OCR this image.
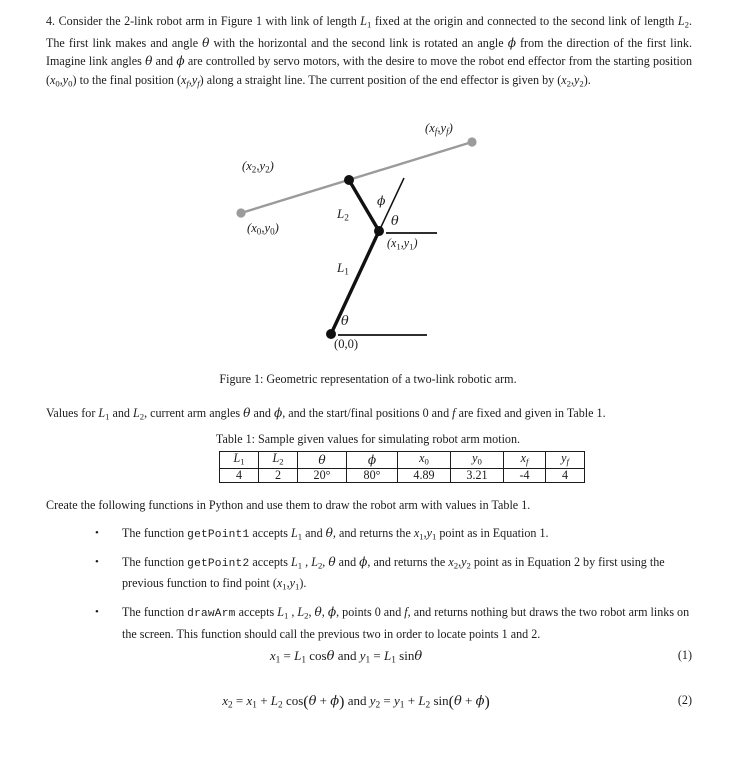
4. Consider the 2-link robot arm in Figure 1 with link of length $L_1$ fixed at the origin and connected to the second link of length $L_2$. The first link makes and angle θ with the horizontal and the second link is rotated an angle ϕ from the direction of the first link. Imagine link angles θ and ϕ are controlled by servo motors, with the desire to move the robot end effector from the starting position $(x_0,y_0)$ to the final position $(x_f,y_f)$ along a straight line. The current position of the end effector is given by $(x_2,y_2)$.
$(x_f,y_f)$
$(x_2,y_2)$
$(x_0,y_0)$
$(x_1,y_1)$
(0,0)
$L_2$
$L_1$
ϕ
θ
θ
Figure 1: Geometric representation of a two-link robotic arm.
Values for $L_1$ and $L_2$, current arm angles θ and ϕ, and the start/final positions 0 and f are fixed and given in Table 1.
Table 1: Sample given values for simulating robot arm motion.
$L_1$	$L_2$	θ	ϕ	$x_0$	$y_0$	$x_f$	$y_f$
4	2	20°	80°	4.89	3.21	-4	4
Create the following functions in Python and use them to draw the robot arm with values in Table 1.
• The function getPoint1 accepts $L_1$ and θ, and returns the $x_1,y_1$ point as in Equation 1.
• The function getPoint2 accepts $L_1$ , $L_2$, θ and ϕ, and returns the $x_2,y_2$ point as in Equation 2 by first using the previous function to find point $(x_1,y_1)$.
• The function drawArm accepts $L_1$ , $L_2$, θ, ϕ, points 0 and f, and returns nothing but draws the two robot arm links on the screen. This function should call the previous two in order to locate points 1 and 2.
$x_1 = L_1$ cosθ and $y_1 = L_1$ sinθ	(1)
$x_2 = x_1 + L_2$ cos(θ + ϕ) and $y_2 = y_1 + L_2$ sin(θ + ϕ)	(2)
